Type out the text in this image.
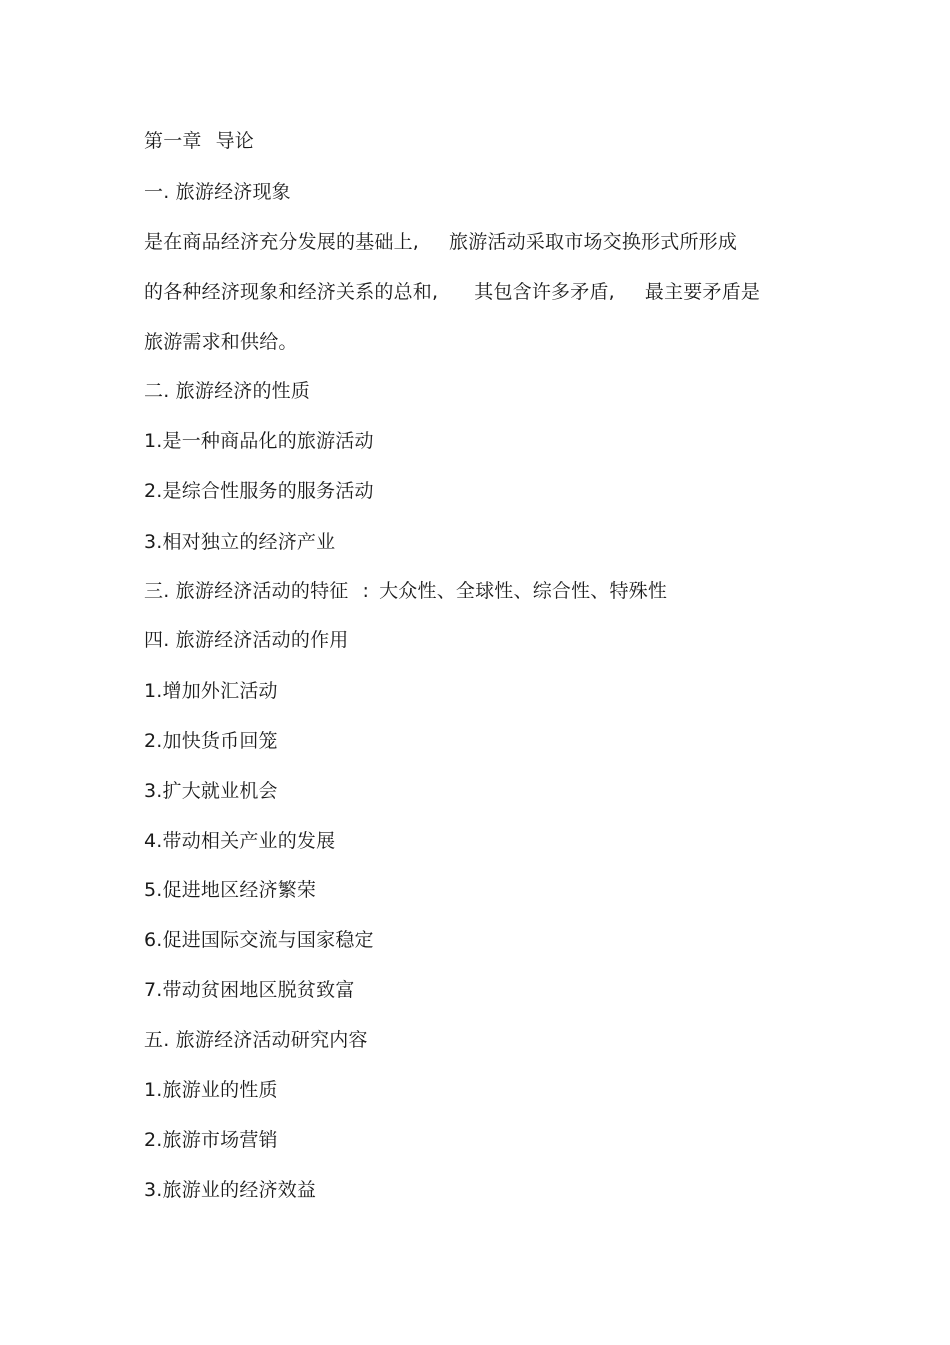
第一章 导论
一. 旅游经济现象
是在商品经济充分发展的基础上, 旅游活动采取市场交换形式所形成
的各种经济现象和经济关系的总和, 其包含许多矛盾, 最主要矛盾是
旅游需求和供给。
二. 旅游经济的性质
1.是一种商品化的旅游活动
2.是综合性服务的服务活动
3.相对独立的经济产业
三. 旅游经济活动的特征 : 大众性、全球性、综合性、特殊性
四. 旅游经济活动的作用
1.增加外汇活动
2.加快货币回笼
3.扩大就业机会
4.带动相关产业的发展
5.促进地区经济繁荣
6.促进国际交流与国家稳定
7.带动贫困地区脱贫致富
五. 旅游经济活动研究内容
1.旅游业的性质
2.旅游市场营销
3.旅游业的经济效益
